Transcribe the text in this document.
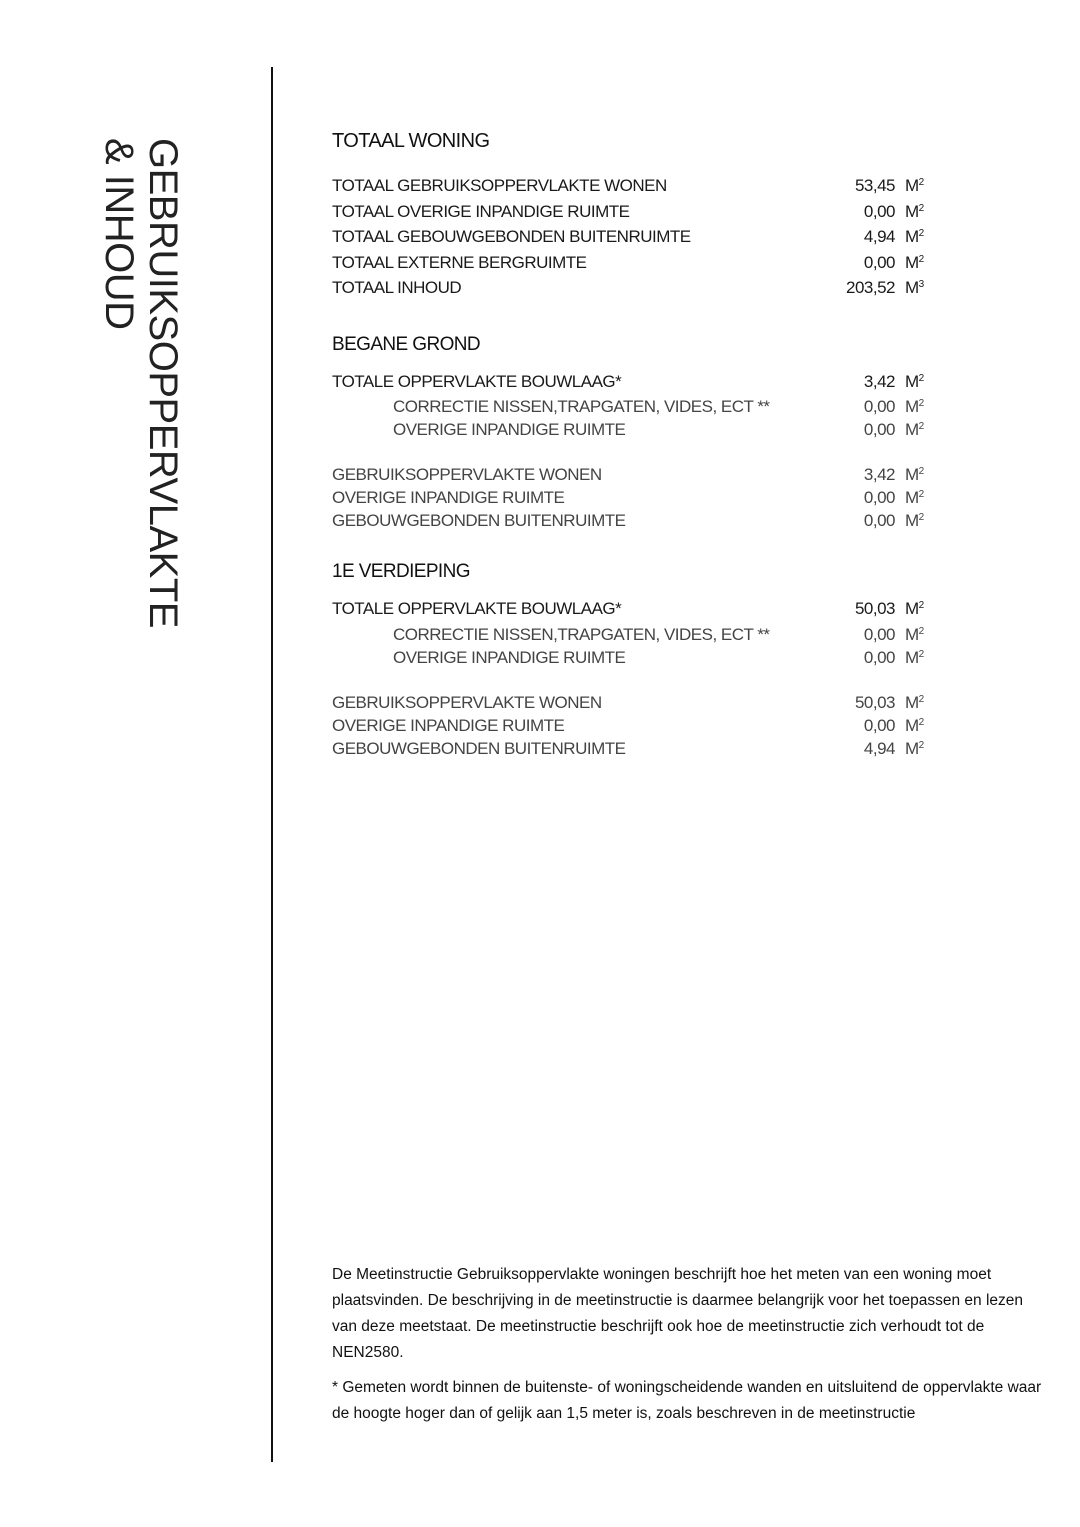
GEBRUIKSOPPERVLAKTE
& INHOUD	TOTAAL WONING
TOTAAL GEBRUIKSOPPERVLAKTE WONEN	53,45 $M^2$
TOTAAL OVERIGE INPANDIGE RUIMTE	0,00 $M^2$
TOTAAL GEBOUWGEBONDEN BUITENRUIMTE	4,94 $M^2$
TOTAAL EXTERNE BERGRUIMTE	0,00 $M^2$
TOTAAL INHOUD	203,52 $M^3$
BEGANE GROND
TOTALE OPPERVLAKTE BOUWLAAG*	3,42 $M^2$
CORRECTIE NISSEN,TRAPGATEN, VIDES, ECT **	0,00 $M^2$
OVERIGE INPANDIGE RUIMTE	0,00 $M^2$
GEBRUIKSOPPERVLAKTE WONEN	3,42 $M^2$
OVERIGE INPANDIGE RUIMTE	0,00 $M^2$
GEBOUWGEBONDEN BUITENRUIMTE	0,00 $M^2$
1E VERDIEPING
TOTALE OPPERVLAKTE BOUWLAAG*	50,03 $M^2$
CORRECTIE NISSEN,TRAPGATEN, VIDES, ECT **	0,00 $M^2$
OVERIGE INPANDIGE RUIMTE	0,00 $M^2$
GEBRUIKSOPPERVLAKTE WONEN	50,03 $M^2$
OVERIGE INPANDIGE RUIMTE	0,00 $M^2$
GEBOUWGEBONDEN BUITENRUIMTE	4,94 $M^2$

De Meetinstructie Gebruiksoppervlakte woningen beschrijft hoe het meten van een woning moet plaatsvinden. De beschrijving in de meetinstructie is daarmee belangrijk voor het toepassen en lezen van deze meetstaat. De meetinstructie beschrijft ook hoe de meetinstructie zich verhoudt tot de NEN2580.

* Gemeten wordt binnen de buitenste- of woningscheidende wanden en uitsluitend de oppervlakte waar de hoogte hoger dan of gelijk aan 1,5 meter is, zoals beschreven in de meetinstructie
